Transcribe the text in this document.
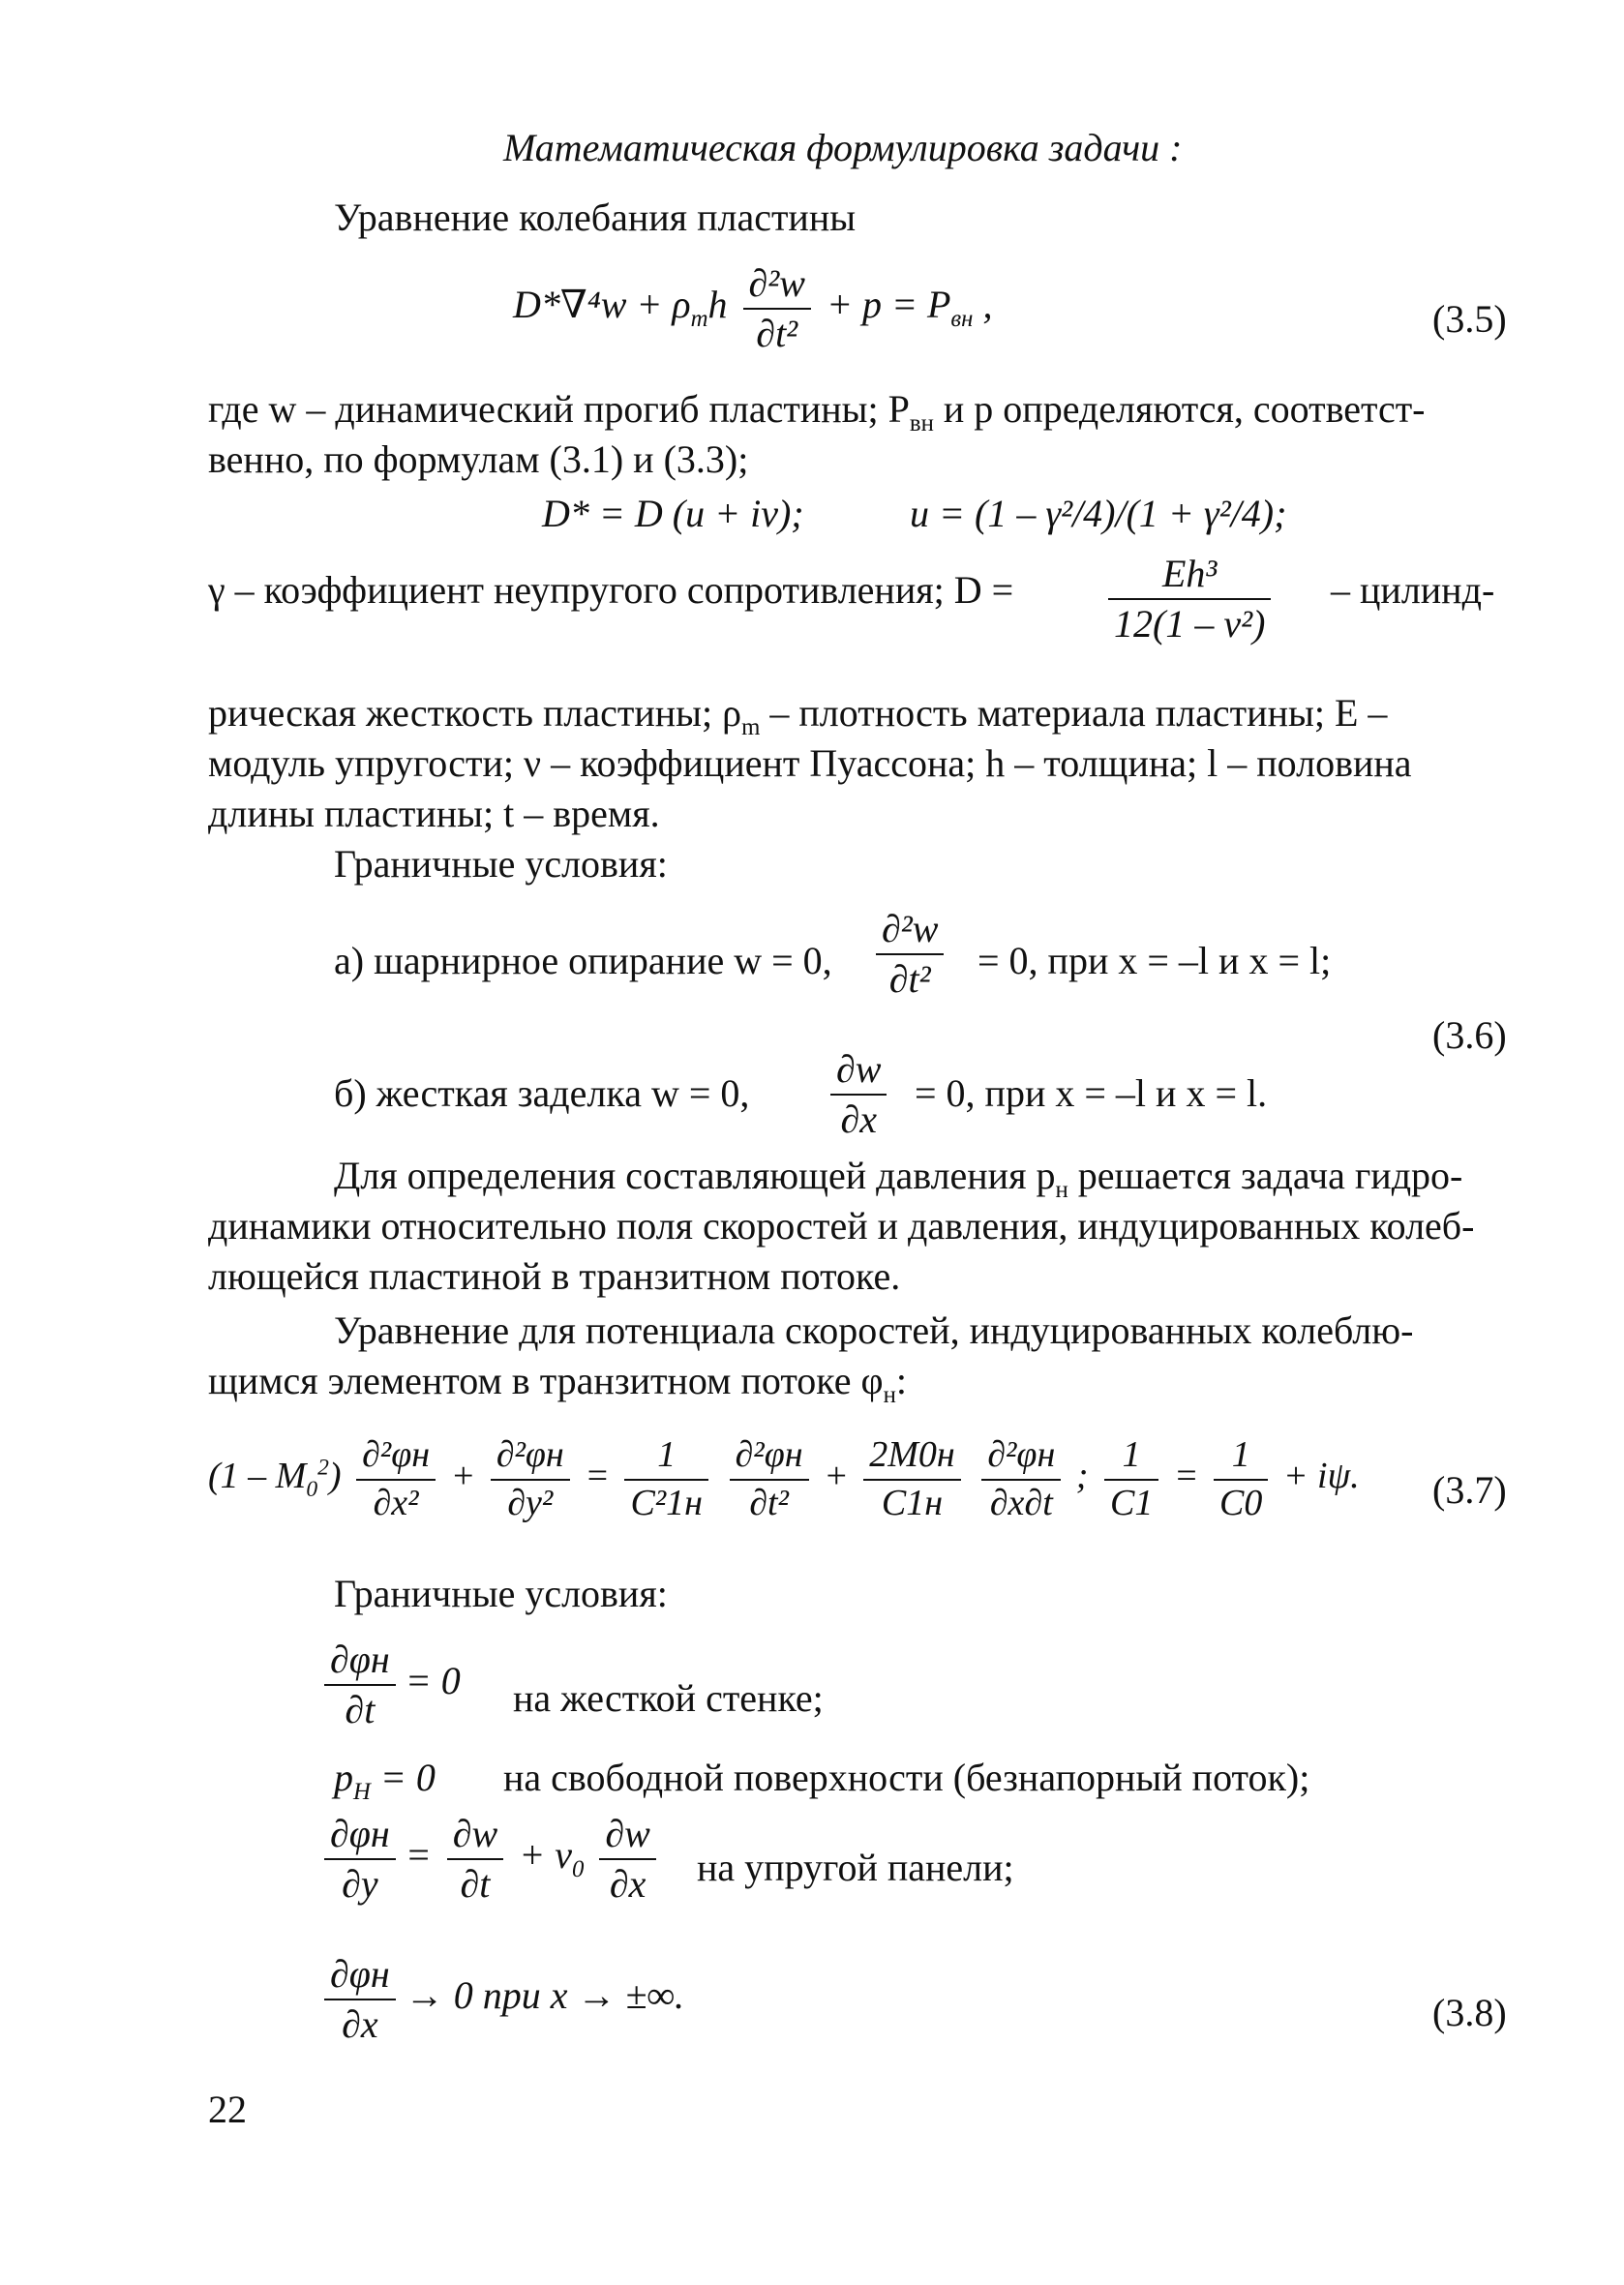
Математическая формулировка задачи :
Уравнение колебания пластины
$D*\nabla^4w + \rho_mh \frac{\text{∂²w}}{\text{∂t²}} + p = P_{вн}$ ,	(3.5)
где w – динамический прогиб пластины; $P_{вн}$ и p определяются, соответст-
венно, по формулам (3.1) и (3.3);
D* = D (u + iv);	u = (1 – γ²/4)/(1 + γ²/4);
γ – коэффициент неупругого сопротивления; $D = \frac{\text{Eh³}}{\text{12(1 – ν²)}}$ – цилинд-
рическая жесткость пластины; $\rho_m$ – плотность материала пластины; E –
модуль упругости; ν – коэффициент Пуассона; h – толщина; l – половина
длины пластины; t – время.
Граничные условия:
а) шарнирное опирание w = 0, $\frac{\text{∂²w}}{\text{∂t²}} = 0$, при x = –l и x = l;
(3.6)
б) жесткая заделка w = 0, $\frac{\partial w}{\partial x} = 0$, при x = –l и x = l.
Для определения составляющей давления $p_н$ решается задача гидро-
динамики относительно поля скоростей и давления, индуцированных колеб-
лющейся пластиной в транзитном потоке.
Уравнение для потенциала скоростей, индуцированных колеблю-
щимся элементом в транзитном потоке $\varphi_н$:
$(1 - M_0^2) \frac{\text{∂²φн}}{\text{∂x²}} + \frac{\text{∂²φн}}{\text{∂y²}} = \frac{1}{\text{C²1н}}$
$\frac{\text{∂²φн}}{\text{∂t²}} + \frac{2M0н}{C1н}$
$\frac{\text{∂²φн}}{\partial x\partial t}$ ; $\frac{1}{C1} = \frac{1}{C0} + i\psi$. (3.7)
Граничные условия:
$\frac{\partial\varphi н}{\partial t} = 0$ на жесткой стенке;
$p_Н = 0$ на свободной поверхности (безнапорный поток);
$\frac{\partial\varphi н}{\partial y} = \frac{\partial w}{\partial t} + v_0 \frac{\partial w}{\partial x}$ на упругой панели;
$\frac{\partial\varphi н}{\partial x} \to 0$ при x → ±∞.	(3.8)
22
